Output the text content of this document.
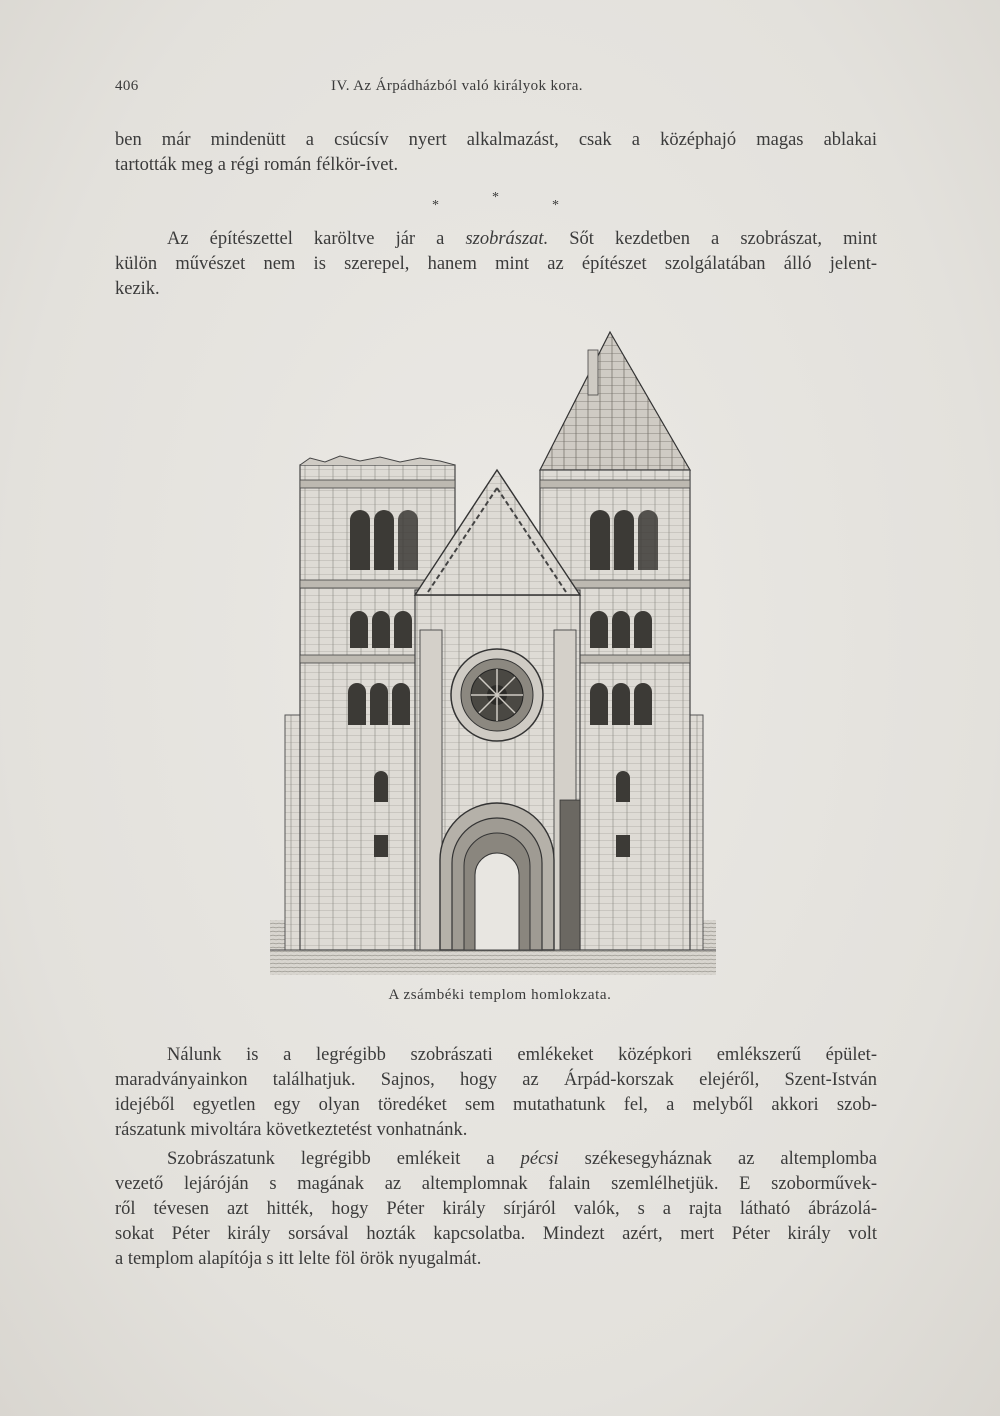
406	IV. Az Árpádházból való királyok kora.
ben már mindenütt a csúcsív nyert alkalmazást, csak a középhajó magas ablakai
tartották meg a régi román félkör-ívet.
*
*
*
Az építészettel karöltve jár a szobrászat. Sőt kezdetben a szobrászat, mint
külön művészet nem is szerepel, hanem mint az építészet szolgálatában álló jelent-
kezik.
A zsámbéki templom homlokzata.
Nálunk is a legrégibb szobrászati emlékeket középkori emlékszerű épület-
maradványainkon találhatjuk. Sajnos, hogy az Árpád-korszak elejéről, Szent-István
idejéből egyetlen egy olyan töredéket sem mutathatunk fel, a melyből akkori szob-
rászatunk mivoltára következtetést vonhatnánk.
Szobrászatunk legrégibb emlékeit a pécsi székesegyháznak az altemplomba
vezető lejáróján s magának az altemplomnak falain szemlélhetjük. E szoborművek-
ről tévesen azt hitték, hogy Péter király sírjáról valók, s a rajta látható ábrázolá-
sokat Péter király sorsával hozták kapcsolatba. Mindezt azért, mert Péter király volt
a templom alapítója s itt lelte föl örök nyugalmát.
